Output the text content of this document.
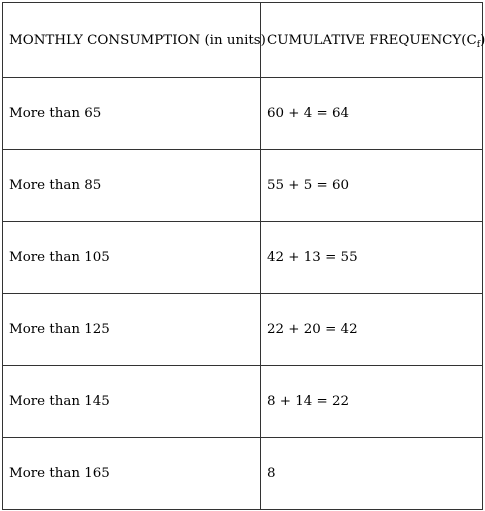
MONTHLY CONSUMPTION (in units)	CUMULATIVE $FREQUENCY(C_f)$
More than 65	60 + 4 = 64
More than 85	55 + 5 = 60
More than 105	42 + 13 = 55
More than 125	22 + 20 = 42
More than 145	8 + 14 = 22
More than 165	8
